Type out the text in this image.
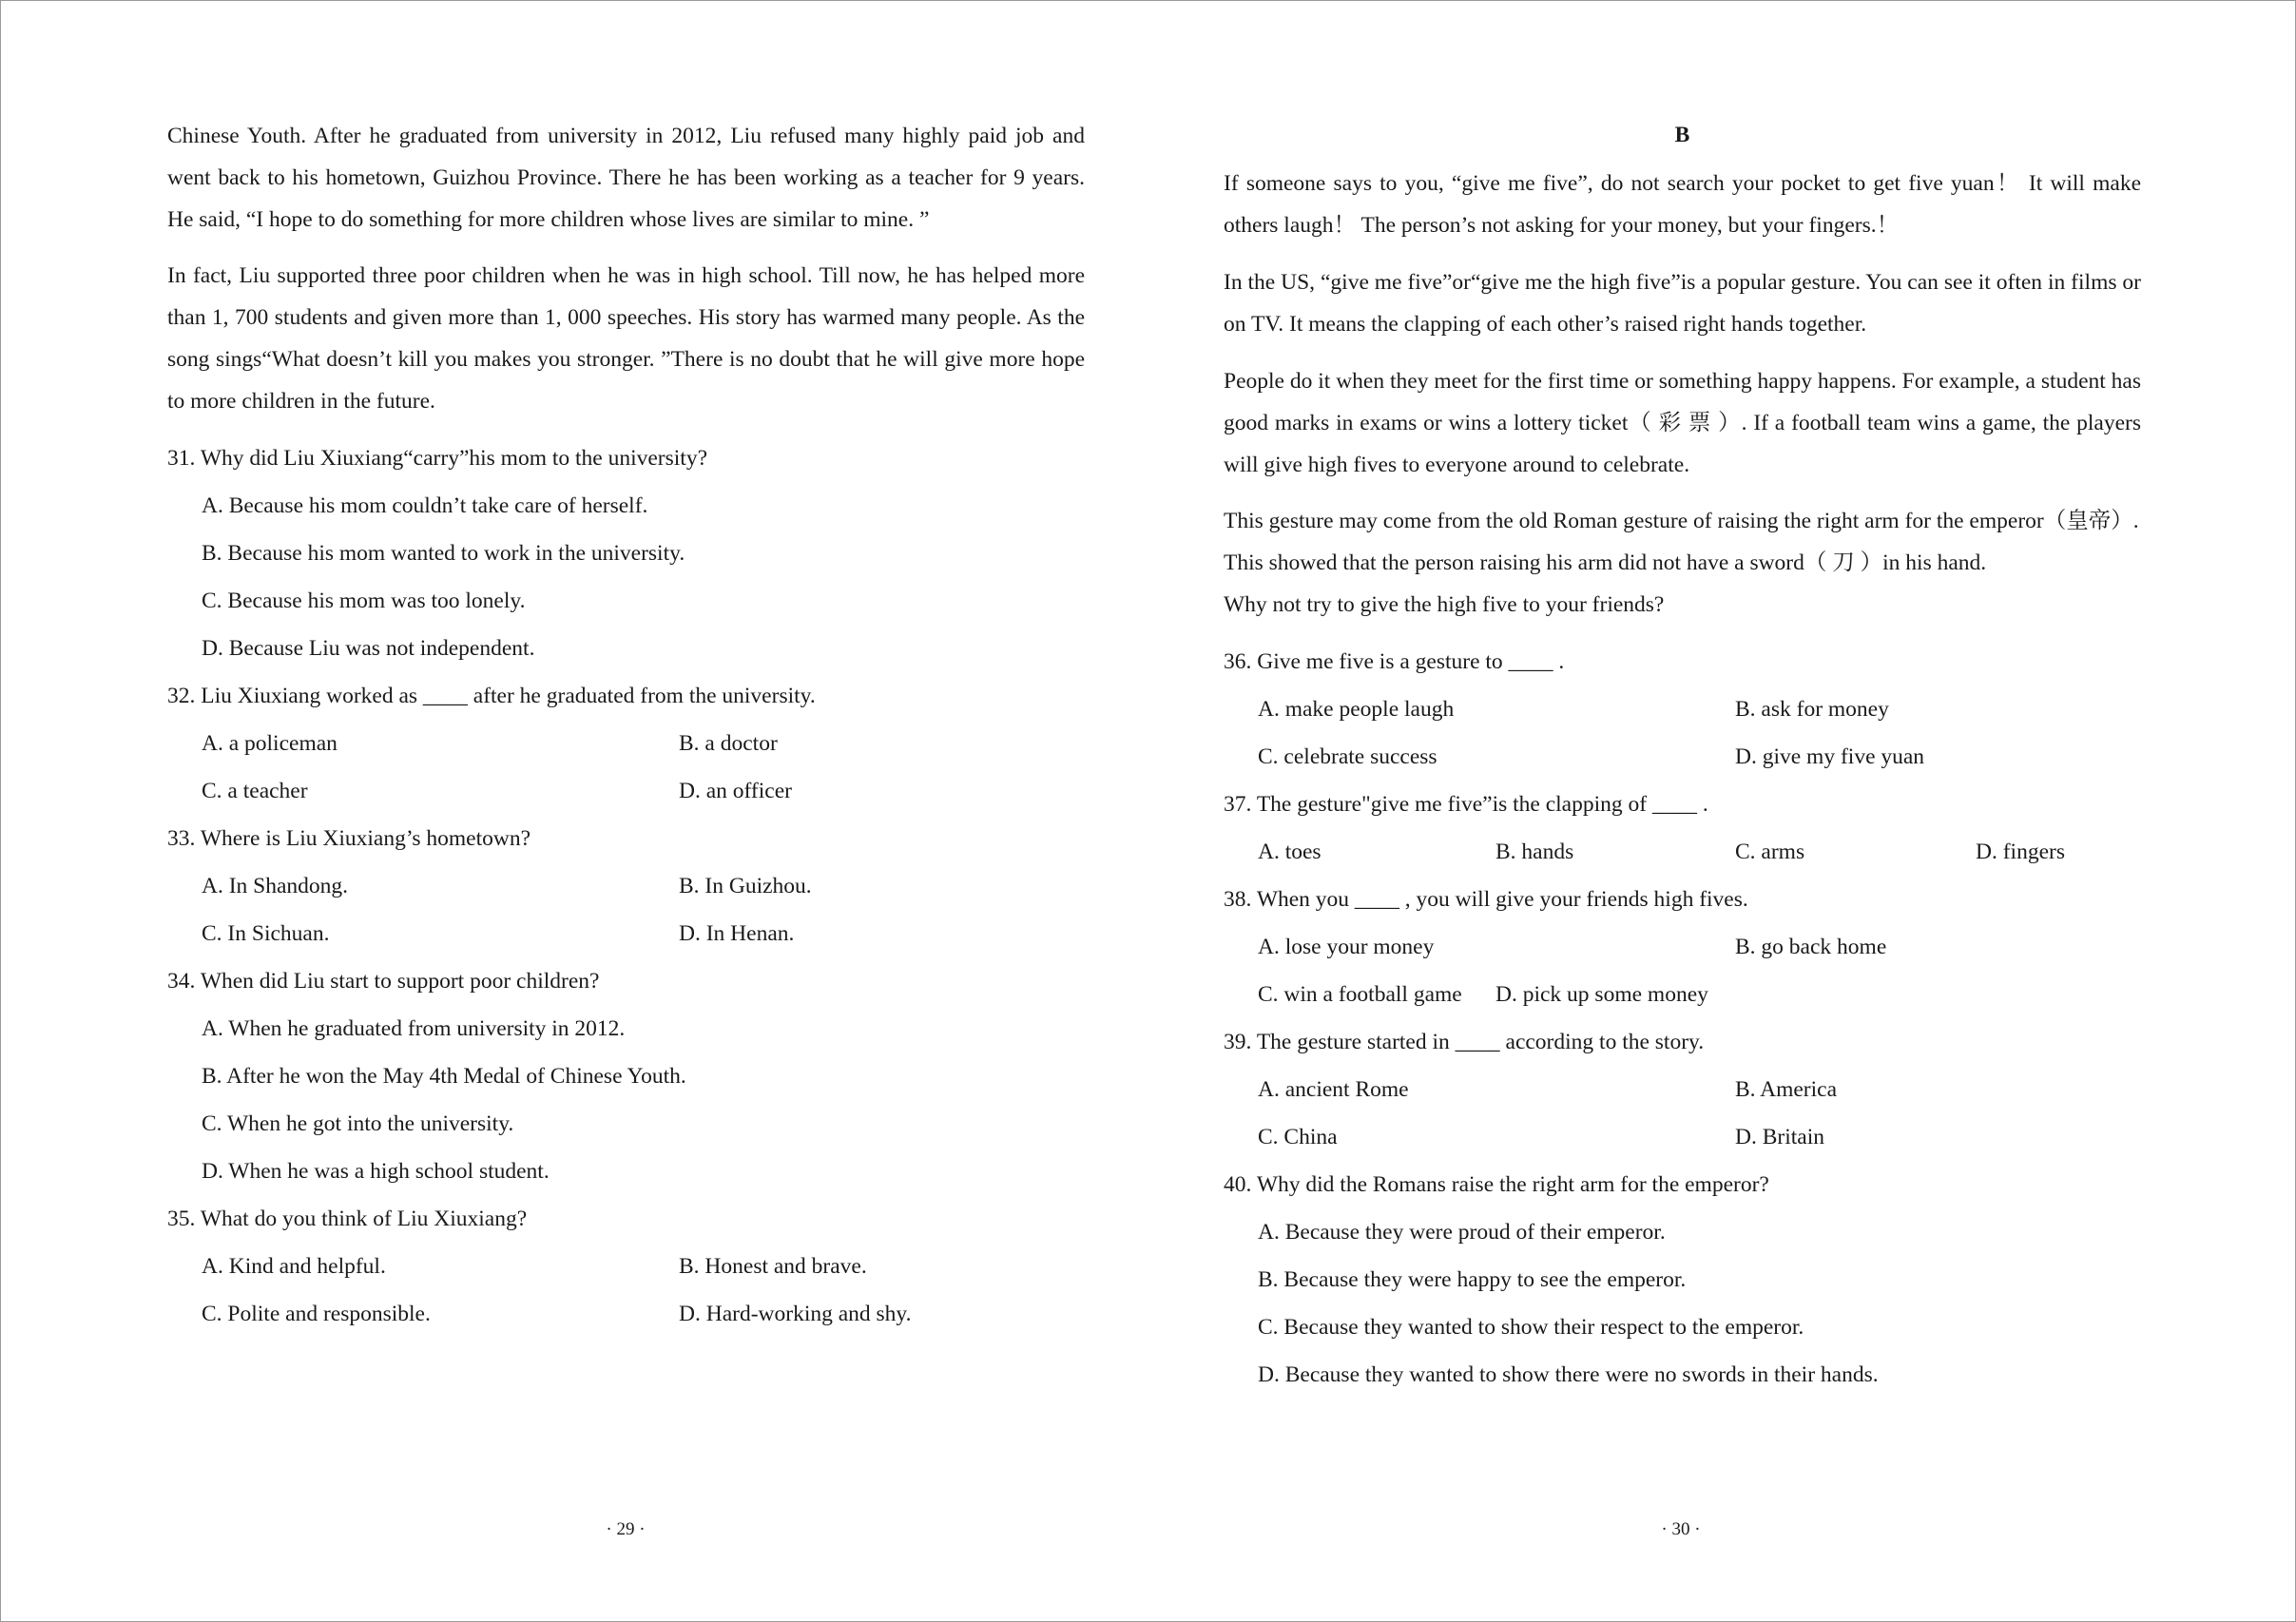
Chinese Youth. After he graduated from university in 2012, Liu refused many highly paid job and went back to his hometown, Guizhou Province. There he has been working as a teacher for 9 years. He said, “I hope to do something for more children whose lives are similar to mine. ”

In fact, Liu supported three poor children when he was in high school. Till now, he has helped more than 1, 700 students and given more than 1, 000 speeches. His story has warmed many people. As the song sings“What doesn’t kill you makes you stronger. ”There is no doubt that he will give more hope to more children in the future.

31. Why did Liu Xiuxiang“carry”his mom to the university?
A. Because his mom couldn’t take care of herself.
B. Because his mom wanted to work in the university.
C. Because his mom was too lonely.
D. Because Liu was not independent.
32. Liu Xiuxiang worked as ____ after he graduated from the university.
A. a policeman	B. a doctor
C. a teacher	D. an officer
33. Where is Liu Xiuxiang’s hometown?
A. In Shandong.	B. In Guizhou.
C. In Sichuan.	D. In Henan.
34. When did Liu start to support poor children?
A. When he graduated from university in 2012.
B. After he won the May 4th Medal of Chinese Youth.
C. When he got into the university.
D. When he was a high school student.
35. What do you think of Liu Xiuxiang?
A. Kind and helpful.	B. Honest and brave.
C. Polite and responsible.	D. Hard-working and shy.
· 29 ·
B

If someone says to you, “give me five”, do not search your pocket to get five yuan！ It will make others laugh！ The person’s not asking for your money, but your fingers.！

In the US, “give me five”or“give me the high five”is a popular gesture. You can see it often in films or on TV. It means the clapping of each other’s raised right hands together.

People do it when they meet for the first time or something happy happens. For example, a student has good marks in exams or wins a lottery ticket（ 彩 票 ）. If a football team wins a game, the players will give high fives to everyone around to celebrate.

This gesture may come from the old Roman gesture of raising the right arm for the emperor（皇帝）.
This showed that the person raising his arm did not have a sword（ 刀 ）in his hand.
Why not try to give the high five to your friends?
36. Give me five is a gesture to ____ .
A. make people laugh	B. ask for money
C. celebrate success	D. give my five yuan
37. The gesture"give me five”is the clapping of ____ .
A. toes	B. hands	C. arms	D. fingers
38. When you ____ , you will give your friends high fives.
A. lose your money	B. go back home
C. win a football game D. pick up some money
39. The gesture started in ____ according to the story.
A. ancient Rome	B. America
C. China	D. Britain
40. Why did the Romans raise the right arm for the emperor?
A. Because they were proud of their emperor.
B. Because they were happy to see the emperor.
C. Because they wanted to show their respect to the emperor.
D. Because they wanted to show there were no swords in their hands.
· 30 ·
